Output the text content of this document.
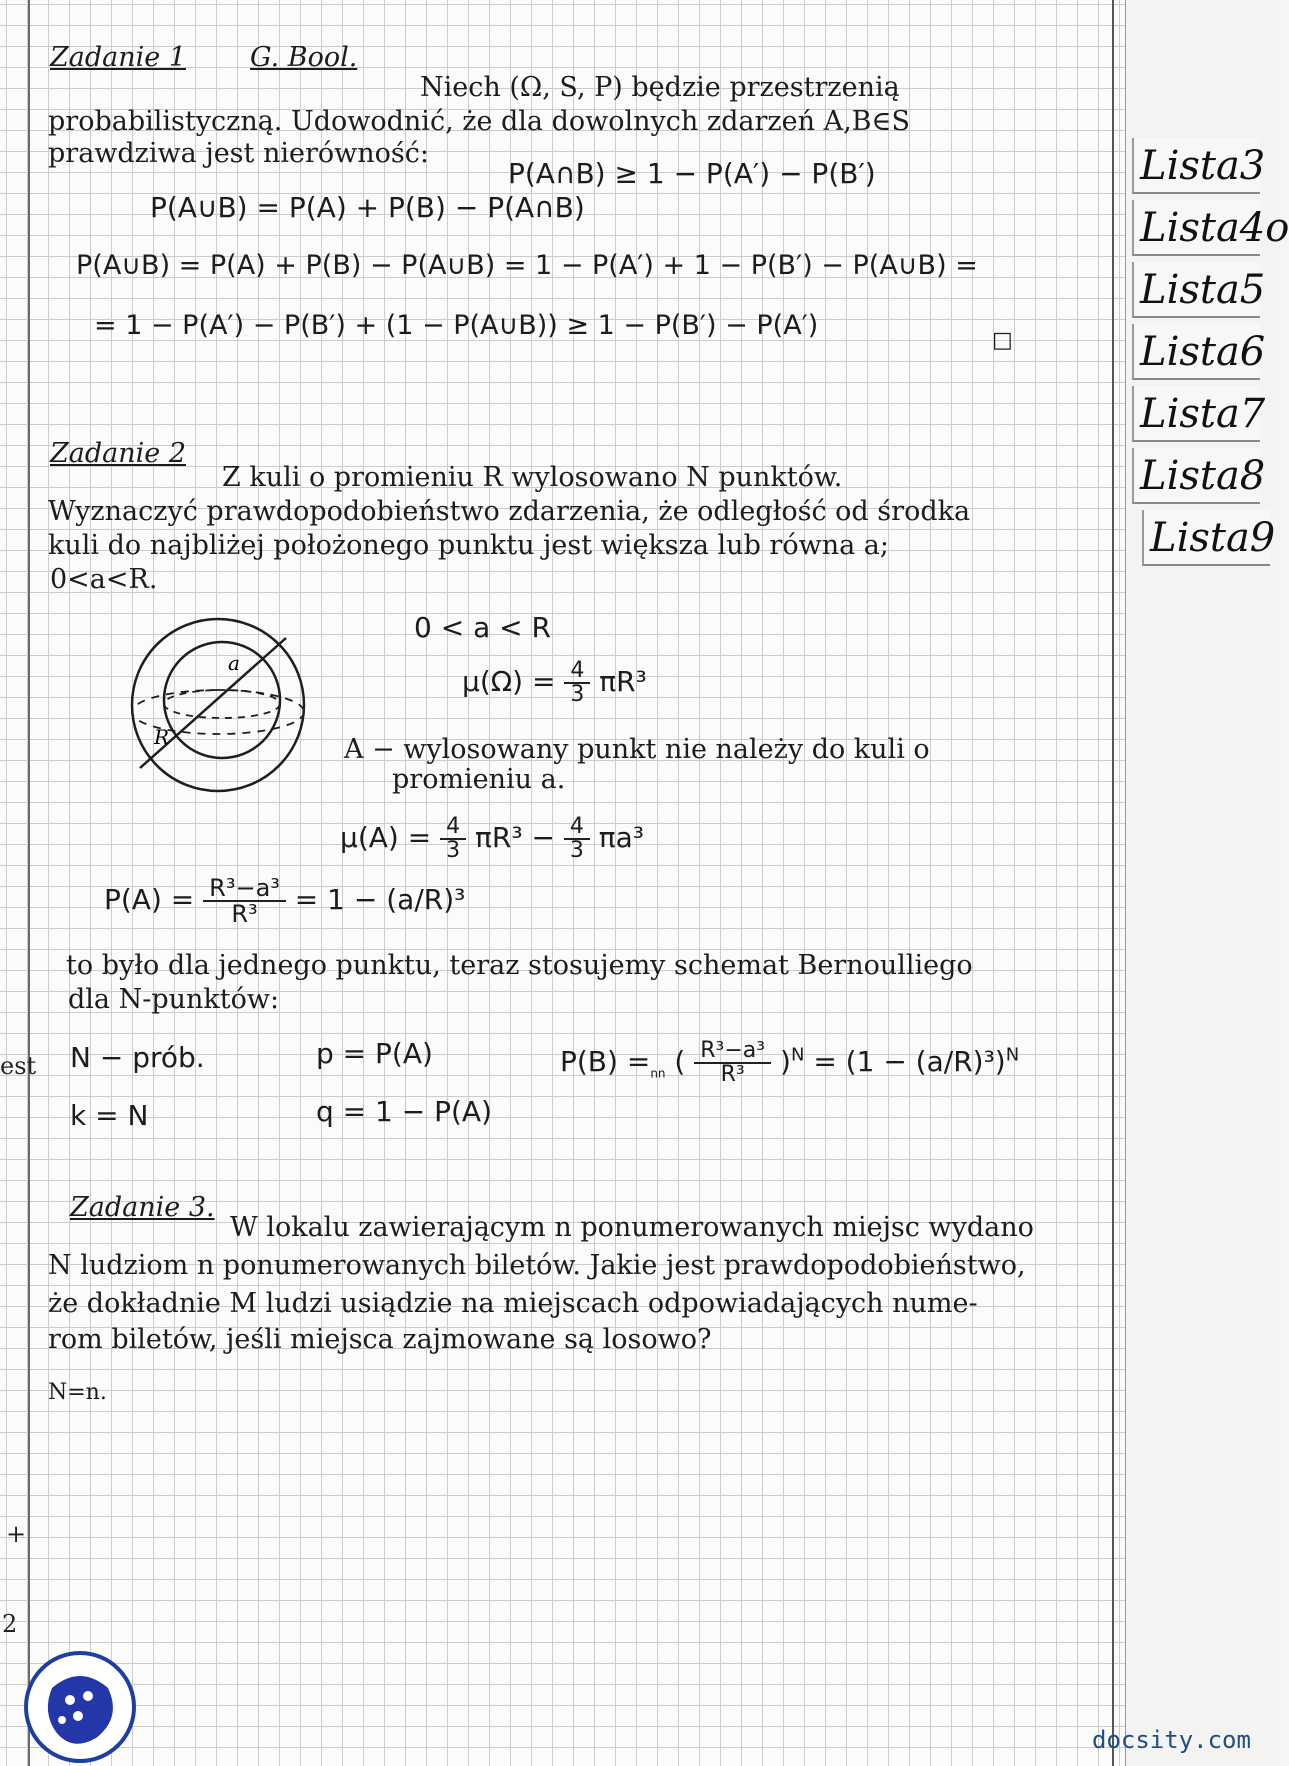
Lista3
Lista4o
Lista5
Lista6
Lista7
Lista8
Lista9
est
+
2
Zadanie 1 G. Bool.
Niech (Ω, S, P) będzie przestrzenią
probabilistyczną. Udowodnić, że dla dowolnych zdarzeń A,B∈S
prawdziwa jest nierówność:
P(A∩B) ≥ 1 − P(A′) − P(B′)
P(A∪B) = P(A) + P(B) − P(A∩B)
P(A∪B) = P(A) + P(B) − P(A∪B) = 1 − P(A′) + 1 − P(B′) − P(A∪B) =
= 1 − P(A′) − P(B′) + (1 − P(A∪B)) ≥ 1 − P(B′) − P(A′)	□
Zadanie 2
Z kuli o promieniu R wylosowano N punktów.
Wyznaczyć prawdopodobieństwo zdarzenia, że odległość od środka
kuli do najbliżej położonego punktu jest większa lub równa a;
0<a<R.
a
R
0 < a < R
$\mu(\Omega) = \frac{4}{3} \pi R^3$
A − wylosowany punkt nie należy do kuli o
promieniu a.
$\mu(A) = \frac{4}{3} \pi R^3 - \frac{4}{3} \pi a^3$
$P(A) = \frac{\text{R³−a³}}{\text{R³}} = 1 - (a/R)^3$
to było dla jednego punktu, teraz stosujemy schemat Bernoulliego
dla N-punktów:
N − prób.
k = N
p = P(A)
q = 1 − P(A)
$P(B) =_{nn}$ ( $\frac{\text{R³−a³}}{\text{R³}} )^N = (1 - (a/R)^3)^N$
Zadanie 3.
W lokalu zawierającym n ponumerowanych miejsc wydano
N ludziom n ponumerowanych biletów. Jakie jest prawdopodobieństwo,
że dokładnie M ludzi usiądzie na miejscach odpowiadających nume-
rom biletów, jeśli miejsca zajmowane są losowo?
N=n.
docsity.com
